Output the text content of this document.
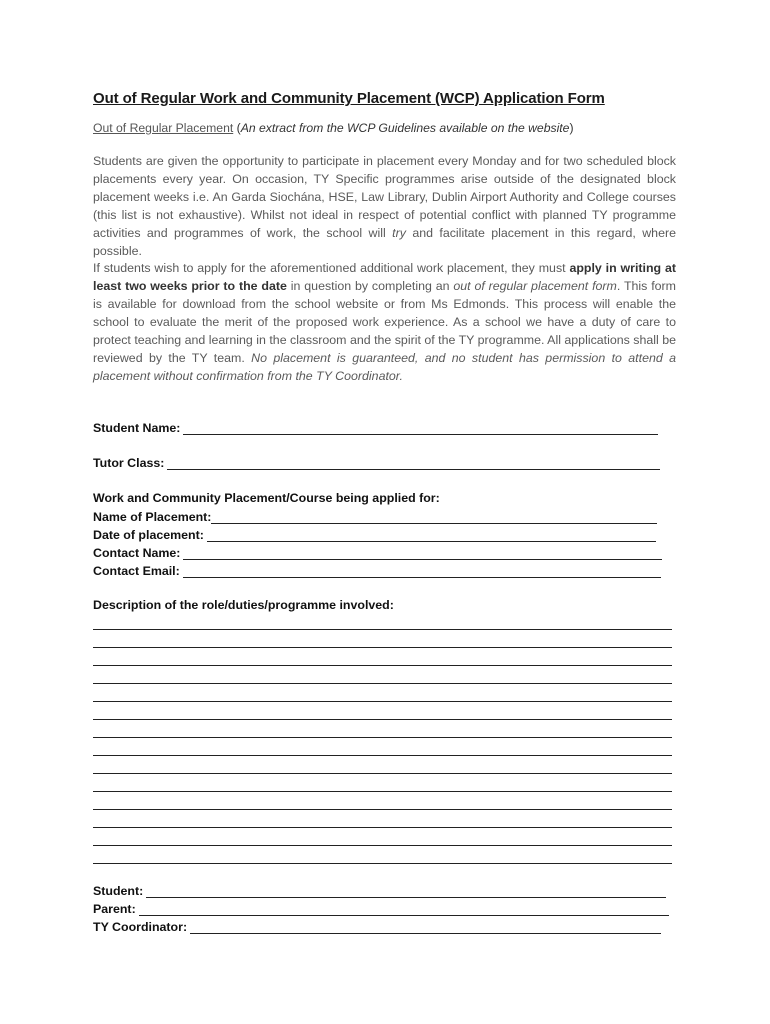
Out of Regular Work and Community Placement (WCP) Application Form
Out of Regular Placement (An extract from the WCP Guidelines available on the website)

Students are given the opportunity to participate in placement every Monday and for two scheduled block placements every year. On occasion, TY Specific programmes arise outside of the designated block placement weeks i.e. An Garda Siochána, HSE, Law Library, Dublin Airport Authority and College courses (this list is not exhaustive). Whilst not ideal in respect of potential conflict with planned TY programme activities and programmes of work, the school will try and facilitate placement in this regard, where possible.

If students wish to apply for the aforementioned additional work placement, they must apply in writing at least two weeks prior to the date in question by completing an out of regular placement form. This form is available for download from the school website or from Ms Edmonds. This process will enable the school to evaluate the merit of the proposed work experience. As a school we have a duty of care to protect teaching and learning in the classroom and the spirit of the TY programme. All applications shall be reviewed by the TY team. No placement is guaranteed, and no student has permission to attend a placement without confirmation from the TY Coordinator.

Student Name:
Tutor Class:
Work and Community Placement/Course being applied for:
Name of Placement:
Date of placement:
Contact Name:
Contact Email:
Description of the role/duties/programme involved:
Student:
Parent:
TY Coordinator:
